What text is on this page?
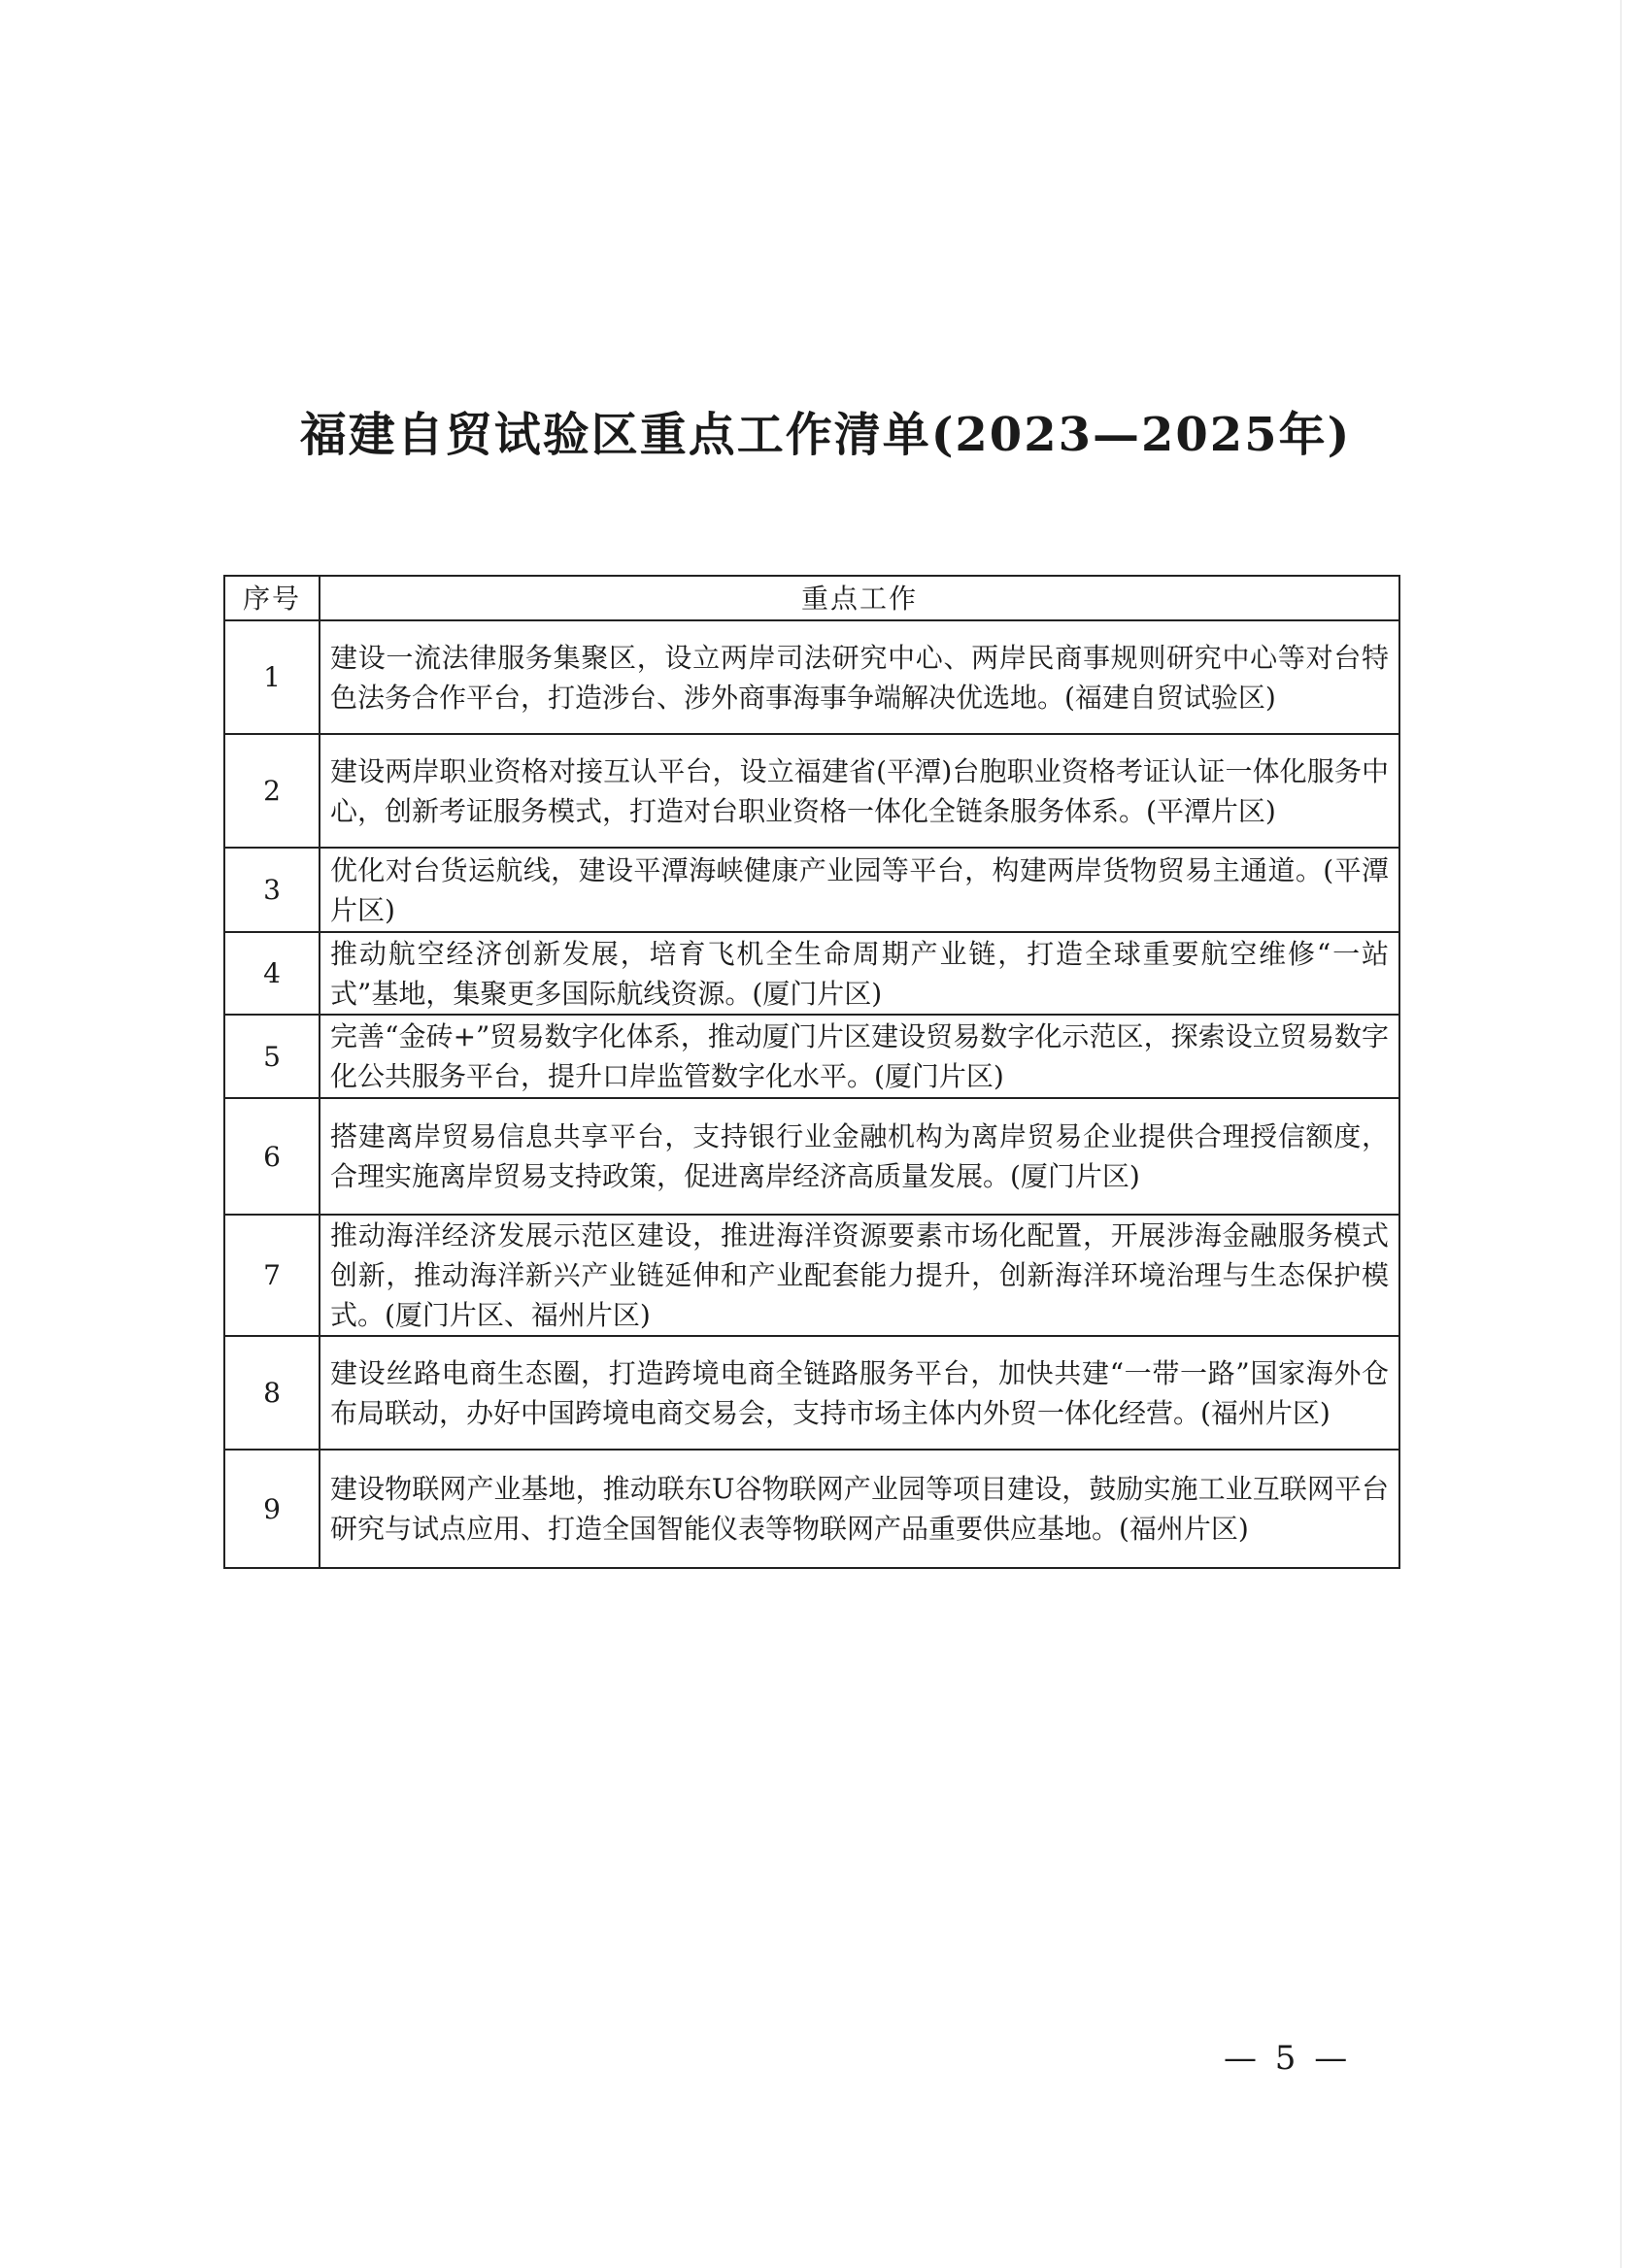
福建自贸试验区重点工作清单(2023—2025年)
序号	重点工作
1	建设一流法律服务集聚区，设立两岸司法研究中心、两岸民商事规则研究中心等对台特色法务合作平台，打造涉台、涉外商事海事争端解决优选地。(福建自贸试验区)
2	建设两岸职业资格对接互认平台，设立福建省(平潭)台胞职业资格考证认证一体化服务中心，创新考证服务模式，打造对台职业资格一体化全链条服务体系。(平潭片区)
3	优化对台货运航线，建设平潭海峡健康产业园等平台，构建两岸货物贸易主通道。(平潭片区)
4	推动航空经济创新发展，培育飞机全生命周期产业链，打造全球重要航空维修“一站式”基地，集聚更多国际航线资源。(厦门片区)
5	完善“金砖+”贸易数字化体系，推动厦门片区建设贸易数字化示范区，探索设立贸易数字化公共服务平台，提升口岸监管数字化水平。(厦门片区)
6	搭建离岸贸易信息共享平台，支持银行业金融机构为离岸贸易企业提供合理授信额度，合理实施离岸贸易支持政策，促进离岸经济高质量发展。(厦门片区)
7	推动海洋经济发展示范区建设，推进海洋资源要素市场化配置，开展涉海金融服务模式创新，推动海洋新兴产业链延伸和产业配套能力提升，创新海洋环境治理与生态保护模式。(厦门片区、福州片区)
8	建设丝路电商生态圈，打造跨境电商全链路服务平台，加快共建“一带一路”国家海外仓布局联动，办好中国跨境电商交易会，支持市场主体内外贸一体化经营。(福州片区)
9	建设物联网产业基地，推动联东U谷物联网产业园等项目建设，鼓励实施工业互联网平台研究与试点应用、打造全国智能仪表等物联网产品重要供应基地。(福州片区)
— 5 —
